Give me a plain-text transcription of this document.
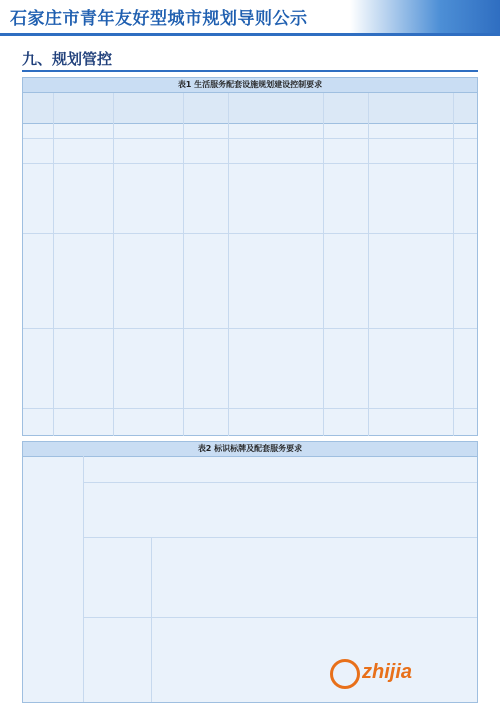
石家庄市青年友好型城市规划导则公示
九、规划管控
表1 生活服务配套设施规划建设控制要求
表2 标识标牌及配套服务要求
zhijia
